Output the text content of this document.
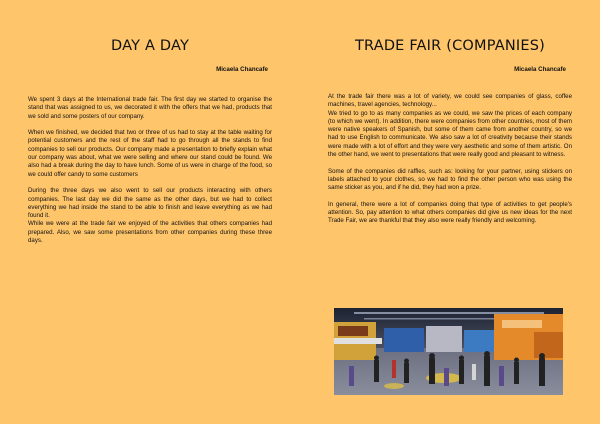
DAY A DAY
Micaela Chancafe

We spent 3 days at the International trade fair. The first day we started to organise the stand that was assigned to us, we decorated it with the offers that we had, products that we sold and some posters of our company.

When we finished, we decided that two or three of us had to stay at the table waiting for potential customers and the rest of the staff had to go through all the stands to find companies to sell our products. Our company made a presentation to briefly explain what our company was about, what we were selling and where our stand could be found. We also had a break during the day to have lunch. Some of us were in charge of the food, so we could offer candy to some customers

During the three days we also went to sell our products interacting with others companies. The last day we did the same as the other days, but we had to collect everything we had inside the stand to be able to finish and leave everything as we had found it.
While we were at the trade fair we enjoyed of the activities that others companies had prepared. Also, we saw some presentations from other companies during these three days.

TRADE FAIR (COMPANIES)
Micaela Chancafe

At the trade fair there was a lot of variety, we could see companies of glass, coffee machines, travel agencies, technology...
We tried to go to as many companies as we could, we saw the prices of each company (to which we went). In addition, there were companies from other countries, most of them were native speakers of Spanish, but some of them came from another country, so we had to use English to communicate. We also saw a lot of creativity because their stands were made with a lot of effort and they were very aesthetic and some of them artistic. On the other hand, we went to presentations that were really good and pleasant to witness.

Some of the companies did raffles, such as: looking for your partner, using stickers on labels attached to your clothes, so we had to find the other person who was using the same sticker as you, and if he did, they had won a prize.

In general, there were a lot of companies doing that type of activities to get people's attention. So, pay attention to what others companies did give us new ideas for the next Trade Fair, we are thankful that they also were really friendly and welcoming.
